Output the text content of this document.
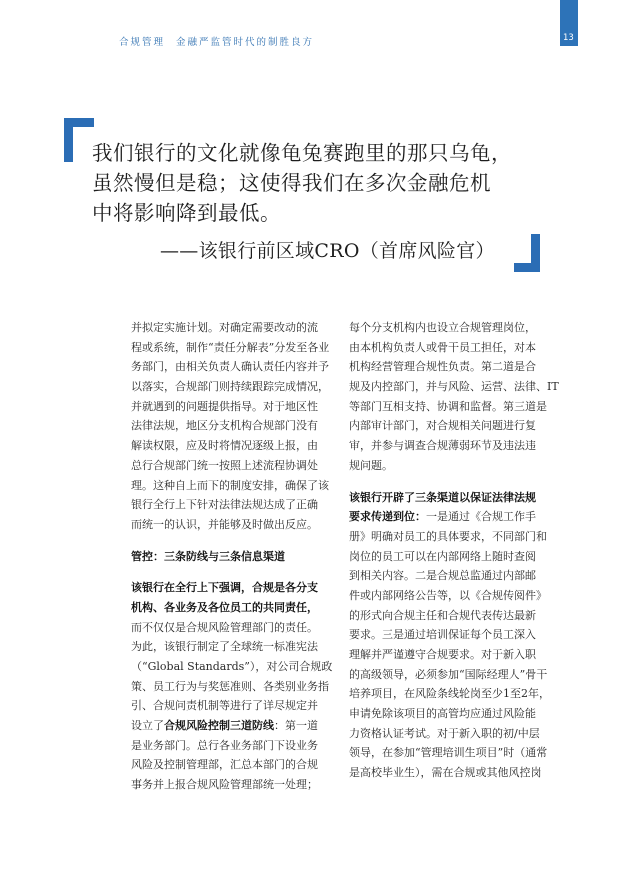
合规管理 金融严监管时代的制胜良方	13
我们银行的文化就像龟兔赛跑里的那只乌龟，
虽然慢但是稳；这使得我们在多次金融危机
中将影响降到最低。
——该银行前区域CRO（首席风险官）
并拟定实施计划。对确定需要改动的流
程或系统，制作“责任分解表”分发至各业
务部门，由相关负责人确认责任内容并予
以落实，合规部门则持续跟踪完成情况，
并就遇到的问题提供指导。对于地区性
法律法规，地区分支机构合规部门没有
解读权限，应及时将情况逐级上报，由
总行合规部门统一按照上述流程协调处
理。这种自上而下的制度安排，确保了该
银行全行上下针对法律法规达成了正确
而统一的认识，并能够及时做出反应。
管控：三条防线与三条信息渠道
该银行在全行上下强调，合规是各分支
机构、各业务及各位员工的共同责任，
而不仅仅是合规风险管理部门的责任。
为此，该银行制定了全球统一标准宪法
（“Global Standards”），对公司合规政
策、员工行为与奖惩准则、各类别业务指
引、合规问责机制等进行了详尽规定并
设立了合规风险控制三道防线：第一道
是业务部门。总行各业务部门下设业务
风险及控制管理部，汇总本部门的合规
事务并上报合规风险管理部统一处理；
每个分支机构内也设立合规管理岗位，
由本机构负责人或骨干员工担任，对本
机构经营管理合规性负责。第二道是合
规及内控部门，并与风险、运营、法律、IT
等部门互相支持、协调和监督。第三道是
内部审计部门，对合规相关问题进行复
审，并参与调查合规薄弱环节及违法违
规问题。
该银行开辟了三条渠道以保证法律法规
要求传递到位：一是通过《合规工作手
册》明确对员工的具体要求，不同部门和
岗位的员工可以在内部网络上随时查阅
到相关内容。二是合规总监通过内部邮
件或内部网络公告等，以《合规传阅件》
的形式向合规主任和合规代表传达最新
要求。三是通过培训保证每个员工深入
理解并严谨遵守合规要求。对于新入职
的高级领导，必须参加“国际经理人”骨干
培养项目，在风险条线轮岗至少1至2年，
申请免除该项目的高管均应通过风险能
力资格认证考试。对于新入职的初/中层
领导，在参加“管理培训生项目”时（通常
是高校毕业生），需在合规或其他风控岗
